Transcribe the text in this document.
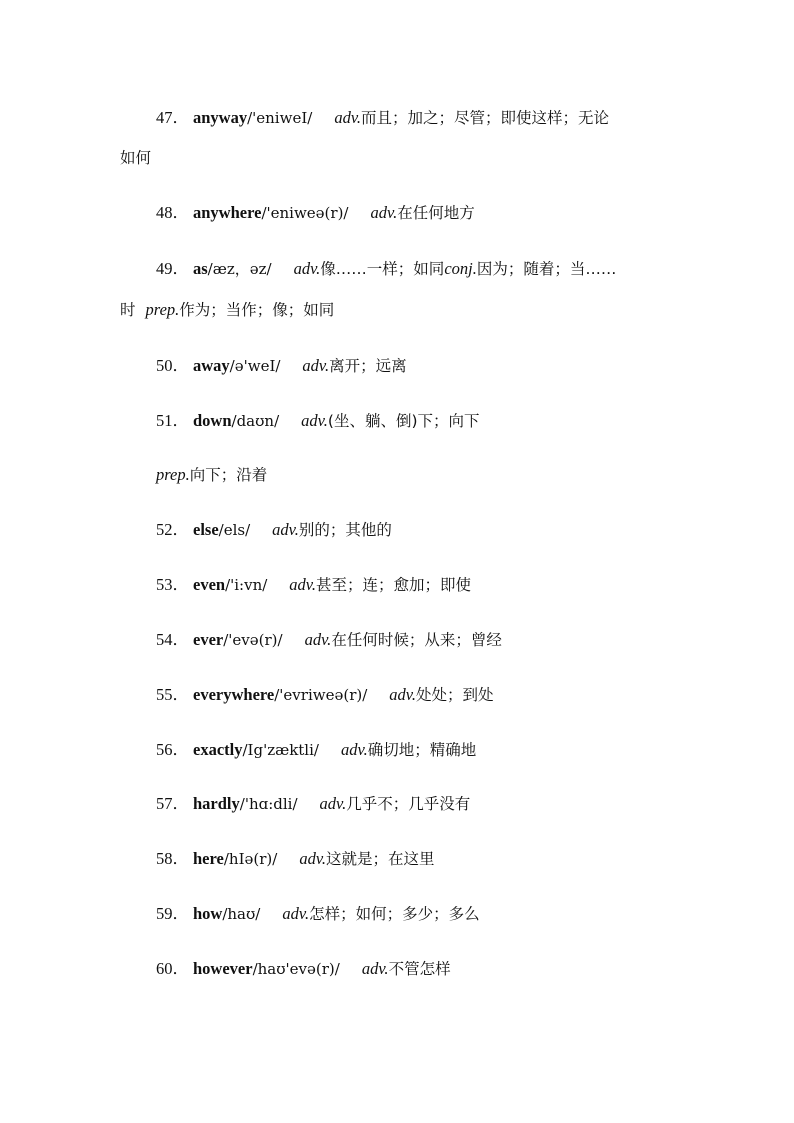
47． anyway/'eniweI/ adv.而且；加之；尽管；即使这样；无论
如何
48． anywhere/'eniweə(r)/ adv.在任何地方
49． as/æz，əz/ adv.像……一样；如同conj.因为；随着；当……
时 prep.作为；当作；像；如同
50． away/ə'weI/ adv.离开；远离
51． down/daʊn/ adv.(坐、躺、倒)下；向下
prep.向下；沿着
52． else/els/ adv.别的；其他的
53． even/'i:vn/ adv.甚至；连；愈加；即使
54． ever/'evə(r)/ adv.在任何时候；从来；曾经
55． everywhere/'evriweə(r)/ adv.处处；到处
56． exactly/Ig'zæktli/ adv.确切地；精确地
57． hardly/'hɑ:dli/ adv.几乎不；几乎没有
58． here/hIə(r)/ adv.这就是；在这里
59． how/haʊ/ adv.怎样；如何；多少；多么
60． however/haʊ'evə(r)/ adv.不管怎样
